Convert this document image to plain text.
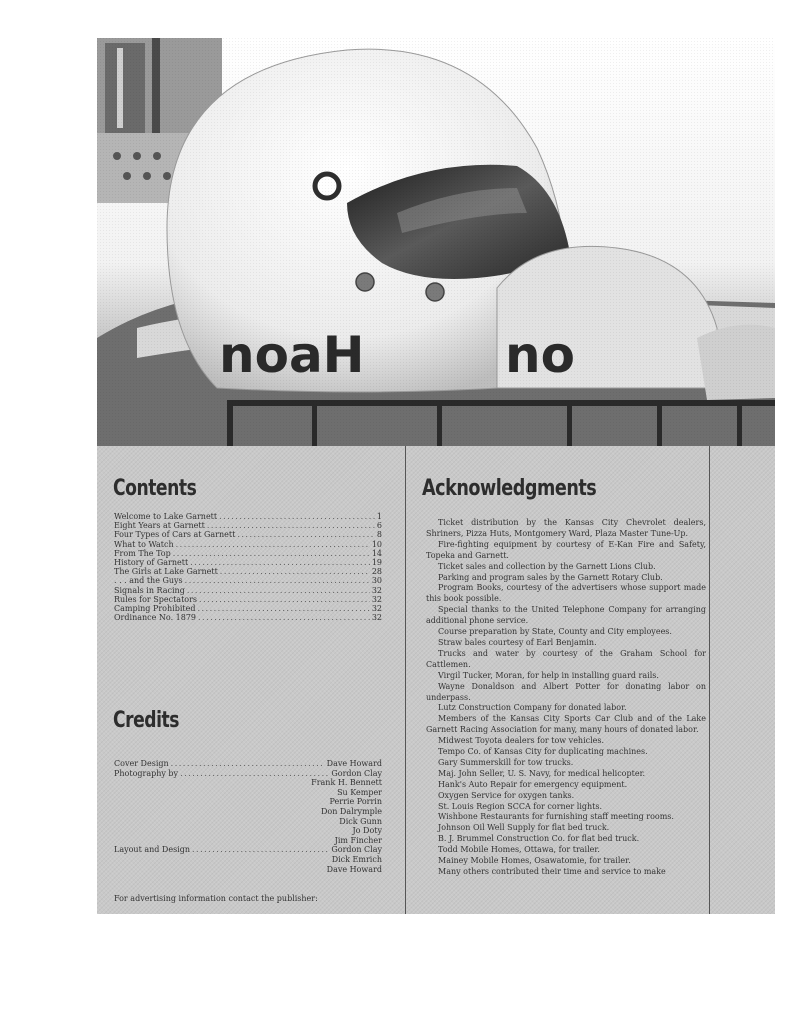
Contents
Welcome to Lake Garnett .....	1
Eight Years at Garnett .....	6
Four Types of Cars at Garnett .....	8
What to Watch .....	10
From The Top .....	14
History of Garnett .....	19
The Girls at Lake Garnett .....	28
. . . and the Guys .....	30
Signals in Racing .....	32
Rules for Spectators .....	32
Camping Prohibited .....	32
Ordinance No. 1879 .....	32
Credits
Cover Design .....	Dave Howard
Photography by .....	Gordon Clay
Frank H. Bennett
Su Kemper
Perrie Porrin
Don Dalrymple
Dick Gunn
Jo Doty
Jim Fincher
Layout and Design .....	Gordon Clay
Dick Emrich
Dave Howard
For advertising information contact the publisher:
Acknowledgments

Ticket distribution by the Kansas City Chevrolet dealers, Shriners, Pizza Huts, Montgomery Ward, Plaza Master Tune-Up.

Fire-fighting equipment by courtesy of E-Kan Fire and Safety, Topeka and Garnett.

Ticket sales and collection by the Garnett Lions Club.

Parking and program sales by the Garnett Rotary Club.

Program Books, courtesy of the advertisers whose support made this book possible.

Special thanks to the United Telephone Company for arranging additional phone service.

Course preparation by State, County and City employees.

Straw bales courtesy of Earl Benjamin.

Trucks and water by courtesy of the Graham School for Cattlemen.

Virgil Tucker, Moran, for help in installing guard rails.

Wayne Donaldson and Albert Potter for donating labor on underpass.

Lutz Construction Company for donated labor.

Members of the Kansas City Sports Car Club and of the Lake Garnett Racing Association for many, many hours of donated labor.

Midwest Toyota dealers for tow vehicles.

Tempo Co. of Kansas City for duplicating machines.

Gary Summerskill for tow trucks.

Maj. John Seller, U. S. Navy, for medical helicopter.

Hank's Auto Repair for emergency equipment.

Oxygen Service for oxygen tanks.

St. Louis Region SCCA for corner lights.

Wishbone Restaurants for furnishing staff meeting rooms.

Johnson Oil Well Supply for flat bed truck.

B. J. Brummel Construction Co. for flat bed truck.

Todd Mobile Homes, Ottawa, for trailer.

Mainey Mobile Homes, Osawatomie, for trailer.

Many others contributed their time and service to make
